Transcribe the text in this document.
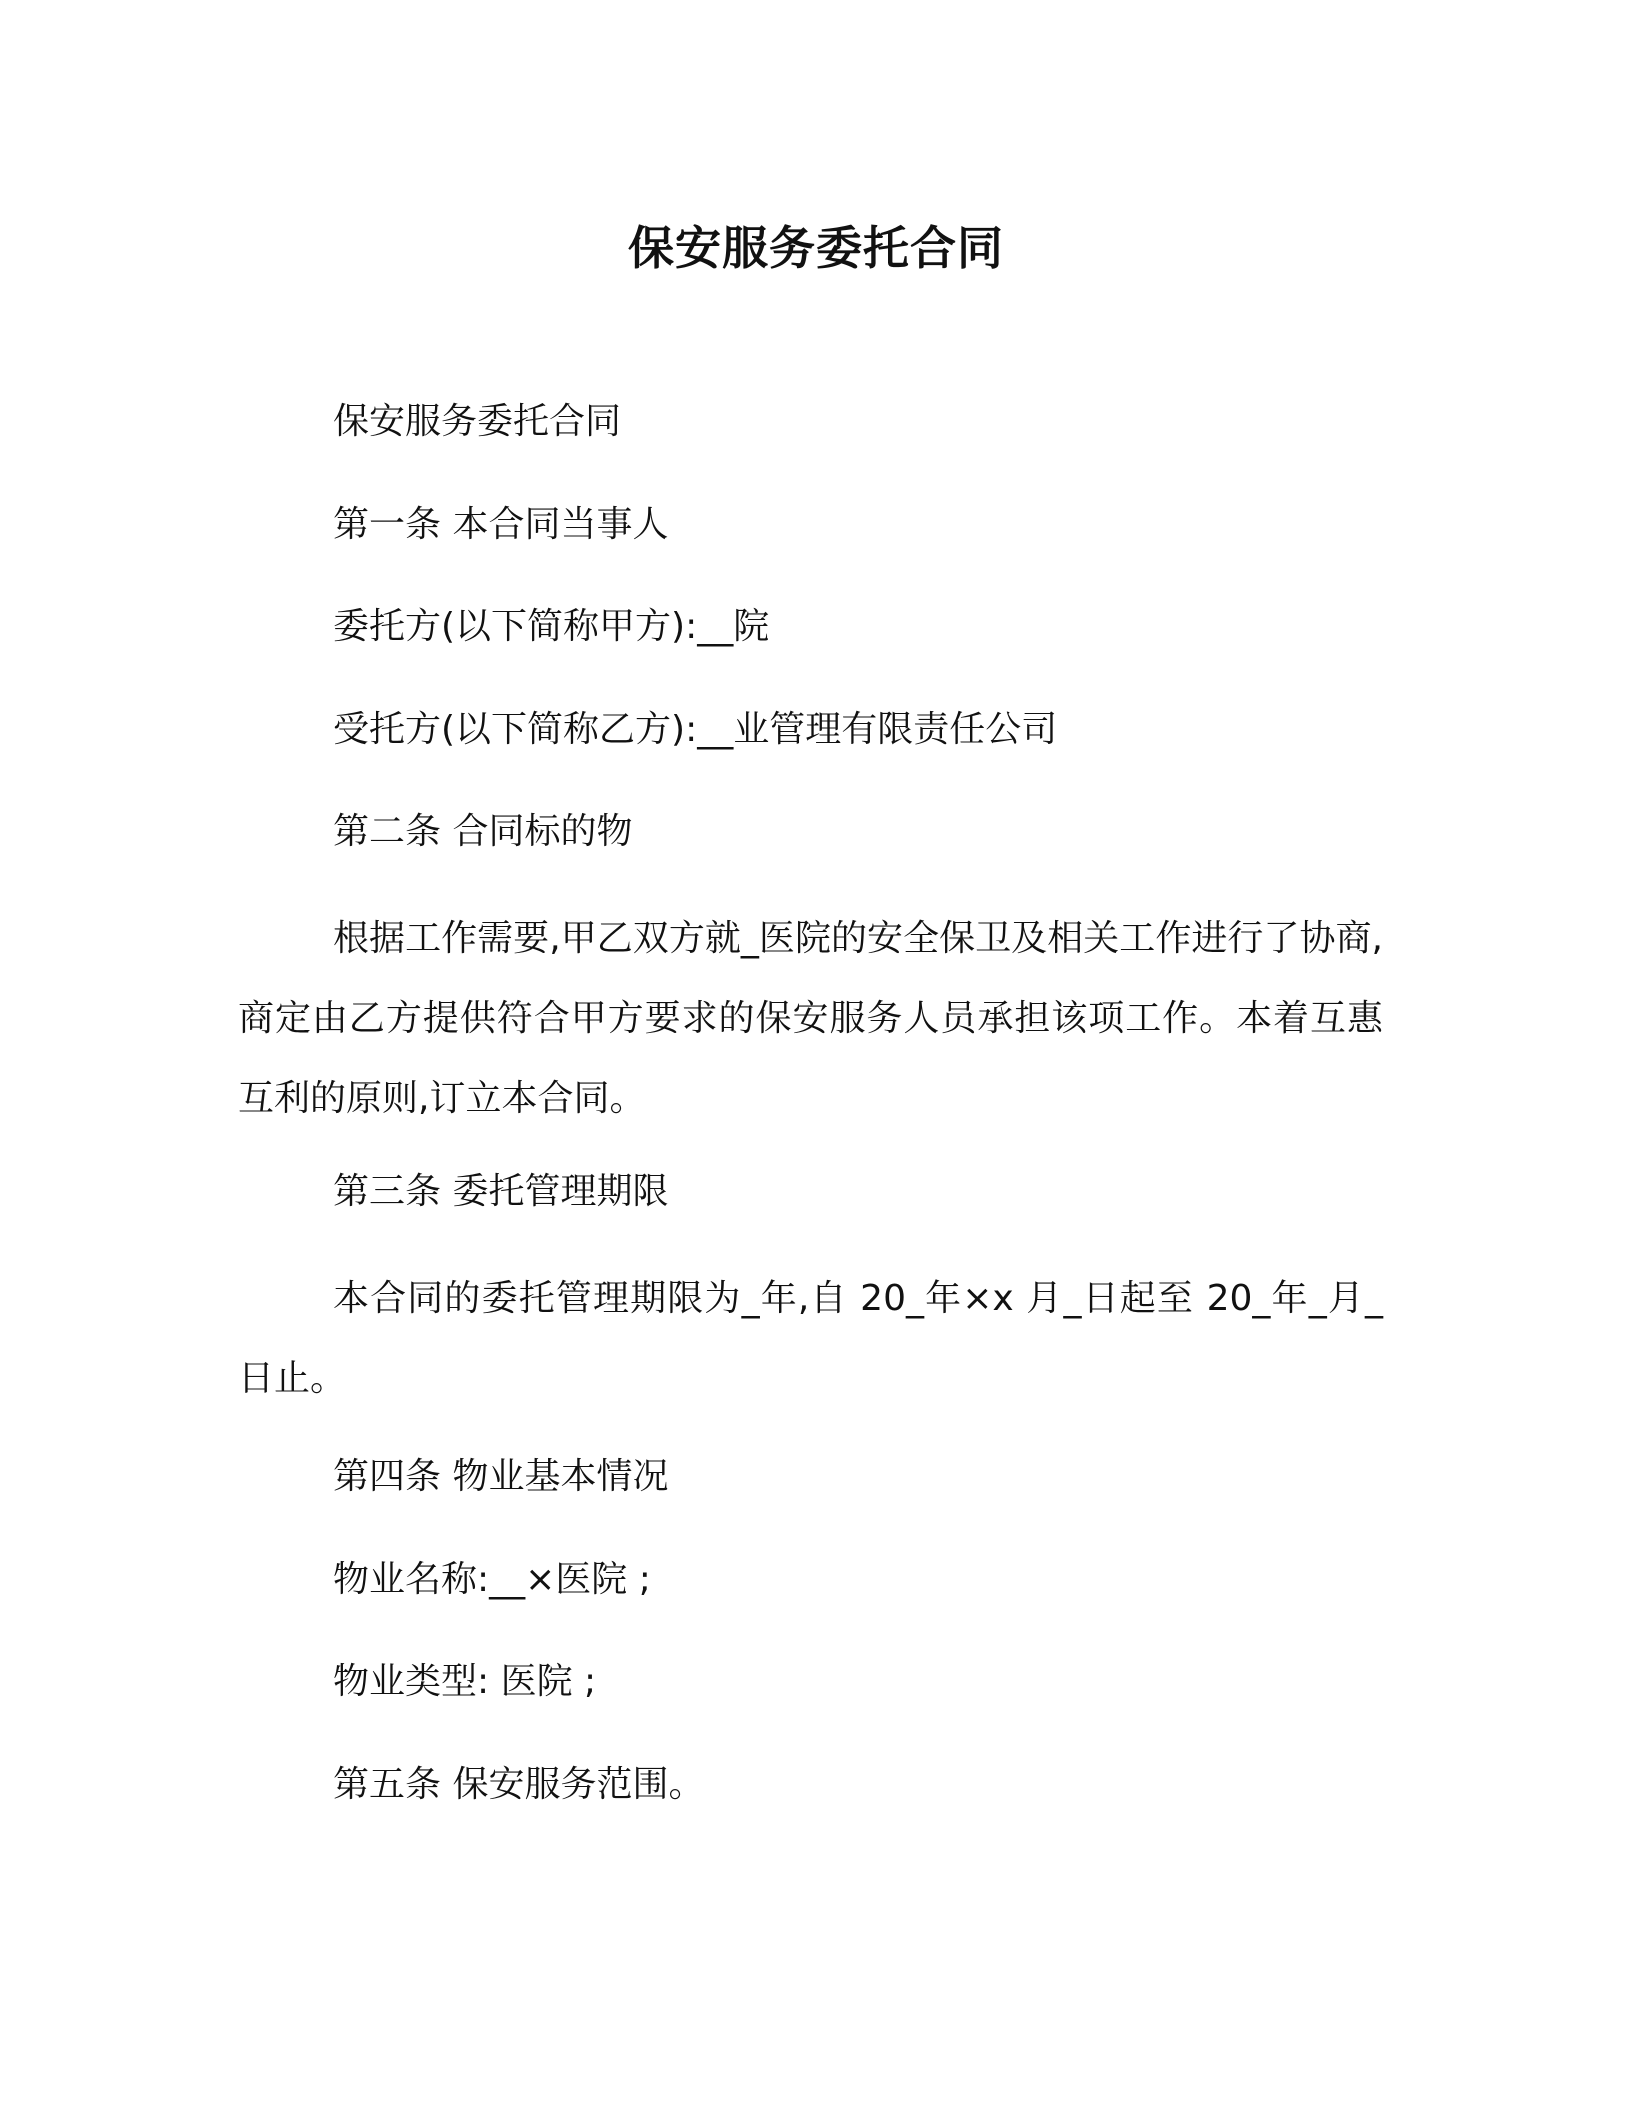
保安服务委托合同
保安服务委托合同
第一条 本合同当事人
委托方(以下简称甲方):__院
受托方(以下简称乙方):__业管理有限责任公司
第二条 合同标的物
根据工作需要,甲乙双方就_医院的安全保卫及相关工作进行了协商,商定由乙方提供符合甲方要求的保安服务人员承担该项工作。本着互惠互利的原则,订立本合同。
第三条 委托管理期限
本合同的委托管理期限为_年,自 20_年×x 月_日起至 20_年_月_日止。
第四条 物业基本情况
物业名称:__×医院 ;
物业类型: 医院 ;
第五条 保安服务范围。
